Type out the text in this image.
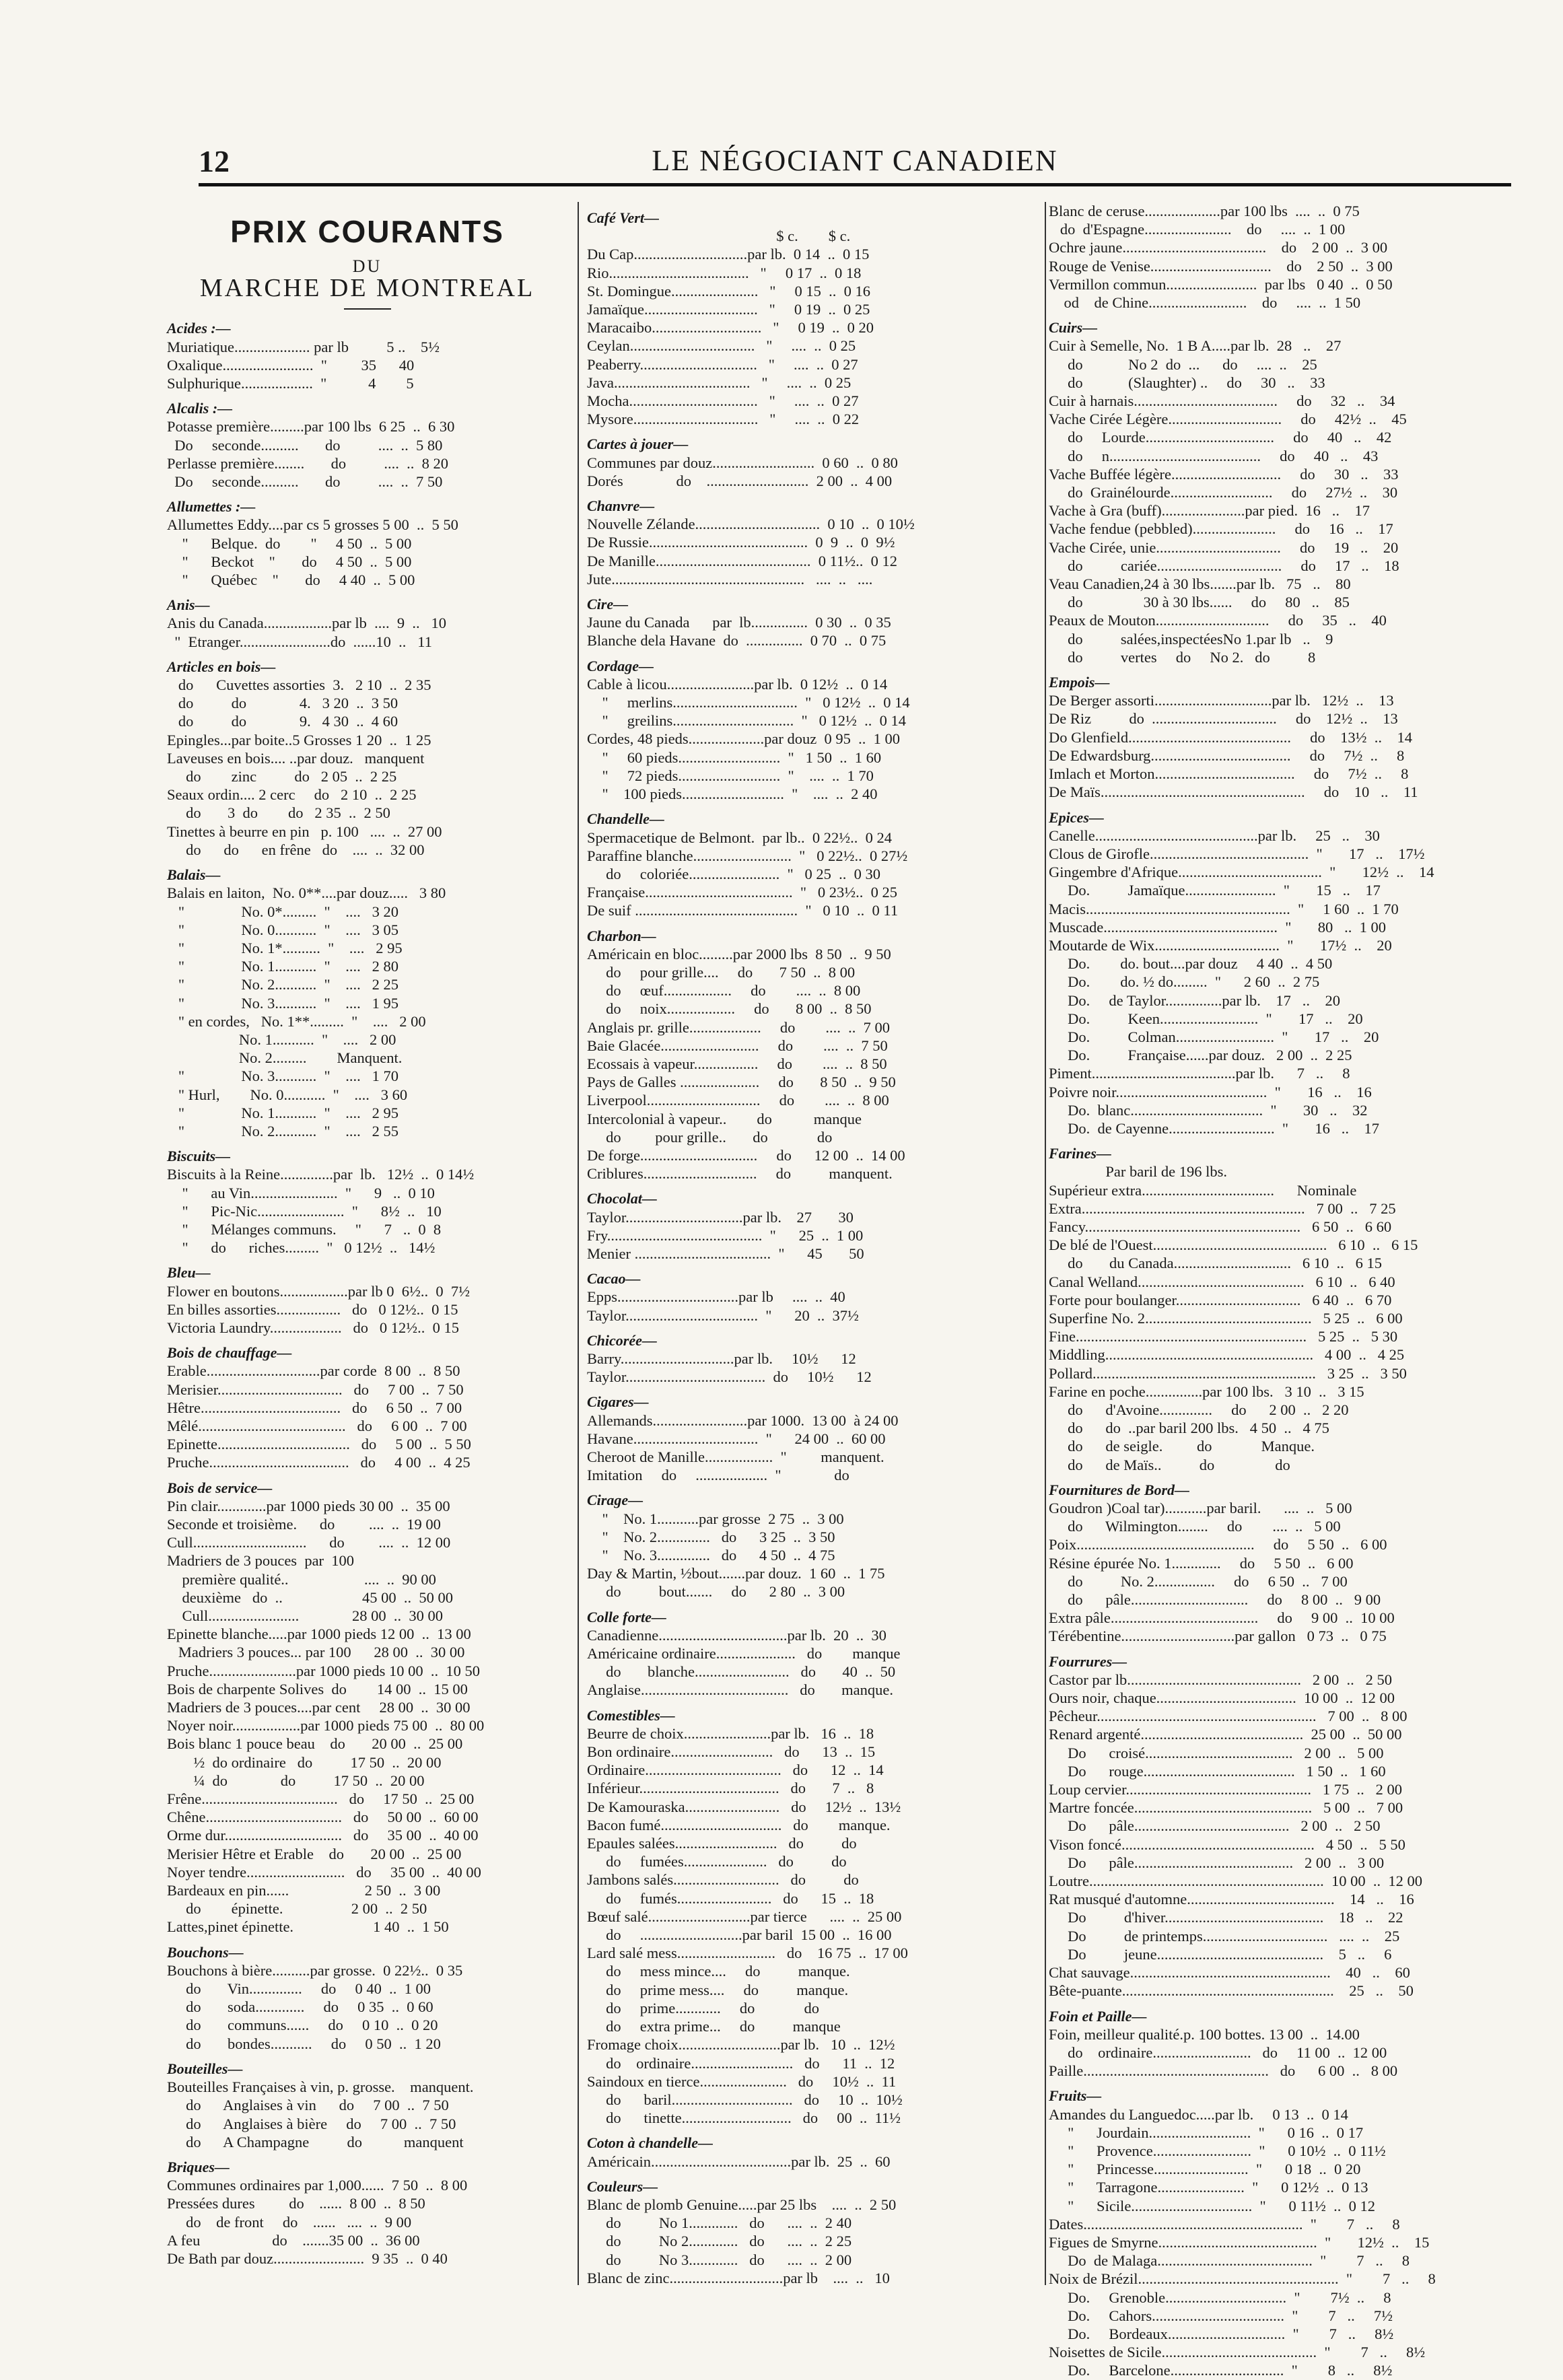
12	LE NÉGOCIANT CANADIEN
PRIX COURANTS
DU
MARCHE DE MONTREAL
Acides :—
Muriatique.................... par lb          5 ..    5½
Oxalique........................  "         35      40
Sulphurique...................  "           4        5
Alcalis :—
Potasse première.........par 100 lbs  6 25  ..  6 30
Do     seconde..........       do          ....  ..  5 80
Perlasse première........       do          ....  ..  8 20
Do     seconde..........       do          ....  ..  7 50
Allumettes :—
Allumettes Eddy....par cs 5 grosses 5 00  ..  5 50
"      Belque.  do        "     4 50  ..  5 00
"      Beckot    "       do     4 50  ..  5 00
"      Québec    "       do     4 40  ..  5 00
Anis—
Anis du Canada..................par lb  ....  9  ..   10
"  Etranger........................do  ......10  ..   11
Articles en bois—
do      Cuvettes assorties  3.   2 10  ..  2 35
do          do              4.   3 20  ..  3 50
do          do              9.   4 30  ..  4 60
Epingles...par boite..5 Grosses 1 20  ..  1 25
Laveuses en bois.... ..par douz.   manquent
do        zinc          do   2 05  ..  2 25
Seaux ordin.... 2 cerc     do   2 10  ..  2 25
do       3  do        do   2 35  ..  2 50
Tinettes à beurre en pin   p. 100   ....  ..  27 00
do      do      en frêne   do    ....  ..  32 00
Balais—
Balais en laiton,  No. 0**....par douz.....   3 80
"               No. 0*.........  "    ....   3 20
"               No. 0...........  "    ....   3 05
"               No. 1*..........  "    ....   2 95
"               No. 1...........  "    ....   2 80
"               No. 2...........  "    ....   2 25
"               No. 3...........  "    ....   1 95
" en cordes,   No. 1**.........  "    ....   2 00
No. 1...........  "    ....   2 00
No. 2.........        Manquent.
"               No. 3...........  "    ....   1 70
" Hurl,        No. 0...........  "    ....   3 60
"               No. 1...........  "    ....   2 95
"               No. 2...........  "    ....   2 55
Biscuits—
Biscuits à la Reine..............par  lb.   12½  ..  0 14½
"      au Vin.......................  "      9   ..  0 10
"      Pic-Nic.......................  "      8½  ..   10
"      Mélanges communs.     "      7   ..  0  8
"      do      riches.........  "   0 12½  ..   14½
Bleu—
Flower en boutons..................par lb 0  6½..  0  7½
En billes assorties.................   do   0 12½..  0 15
Victoria Laundry...................   do   0 12½..  0 15
Bois de chauffage—
Erable..............................par corde  8 00  ..  8 50
Merisier.................................   do     7 00  ..  7 50
Hêtre.....................................   do     6 50  ..  7 00
Mêlé.......................................   do     6 00  ..  7 00
Epinette...................................   do     5 00  ..  5 50
Pruche.....................................   do     4 00  ..  4 25
Bois de service—
Pin clair.............par 1000 pieds 30 00  ..  35 00
Seconde et troisième.      do         ....  ..  19 00
Cull..............................      do         ....  ..  12 00
Madriers de 3 pouces  par  100
première qualité..                    ....  ..  90 00
deuxième   do  ..                     45 00  ..  50 00
Cull........................              28 00  ..  30 00
Epinette blanche.....par 1000 pieds 12 00  ..  13 00
Madriers 3 pouces... par 100      28 00  ..  30 00
Pruche.......................par 1000 pieds 10 00  ..  10 50
Bois de charpente Solives  do        14 00  ..  15 00
Madriers de 3 pouces....par cent     28 00  ..  30 00
Noyer noir..................par 1000 pieds 75 00  ..  80 00
Bois blanc 1 pouce beau    do       20 00  ..  25 00
½  do ordinaire   do          17 50  ..  20 00
¼  do              do          17 50  ..  20 00
Frêne....................................   do     17 50  ..  25 00
Chêne....................................   do     50 00  ..  60 00
Orme dur...............................   do     35 00  ..  40 00
Merisier Hêtre et Erable    do       20 00  ..  25 00
Noyer tendre..........................   do     35 00  ..  40 00
Bardeaux en pin......                    2 50  ..  3 00
do        épinette.                  2 00  ..  2 50
Lattes,pinet épinette.                     1 40  ..  1 50
Bouchons—
Bouchons à bière..........par grosse.  0 22½..  0 35
do       Vin..............     do     0 40  ..  1 00
do       soda.............     do     0 35  ..  0 60
do       communs......     do     0 10  ..  0 20
do       bondes...........     do     0 50  ..  1 20
Bouteilles—
Bouteilles Françaises à vin, p. grosse.    manquent.
do      Anglaises à vin      do     7 00  ..  7 50
do      Anglaises à bière     do     7 00  ..  7 50
do      A Champagne          do           manquent
Briques—
Communes ordinaires par 1,000......  7 50  ..  8 00
Pressées dures         do    ......  8 00  ..  8 50
do    de front     do    ......   ....  ..  9 00
A feu                   do    .......35 00  ..  36 00
De Bath par douz........................  9 35  ..  0 40
Café Vert—
$ c.        $ c.
Du Cap..............................par lb.  0 14  ..  0 15
Rio.....................................   "     0 17  ..  0 18
St. Domingue.......................   "     0 15  ..  0 16
Jamaïque..............................   "     0 19  ..  0 25
Maracaibo.............................   "     0 19  ..  0 20
Ceylan.................................   "     ....  ..  0 25
Peaberry...............................   "     ....  ..  0 27
Java....................................   "     ....  ..  0 25
Mocha..................................   "     ....  ..  0 27
Mysore.................................   "     ....  ..  0 22
Cartes à jouer—
Communes par douz...........................  0 60  ..  0 80
Dorés              do    ...........................  2 00  ..  4 00
Chanvre—
Nouvelle Zélande.................................  0 10  ..  0 10½
De Russie..........................................  0  9  ..  0  9½
De Manille.........................................  0 11½..  0 12
Jute...................................................   ....  ..   ....
Cire—
Jaune du Canada      par  lb...............  0 30  ..  0 35
Blanche dela Havane  do  ...............  0 70  ..  0 75
Cordage—
Cable à licou.......................par lb.  0 12½  ..  0 14
"     merlins.................................  "   0 12½  ..  0 14
"     greilins................................  "   0 12½  ..  0 14
Cordes, 48 pieds....................par douz  0 95  ..  1 00
"     60 pieds...........................  "   1 50  ..  1 60
"     72 pieds...........................  "    ....  ..  1 70
"    100 pieds...........................  "    ....  ..  2 40
Chandelle—
Spermacetique de Belmont.  par lb..  0 22½..  0 24
Paraffine blanche..........................  "   0 22½..  0 27½
do     coloriée........................  "   0 25  ..  0 30
Française.......................................  "   0 23½..  0 25
De suif ...........................................  "   0 10  ..  0 11
Charbon—
Américain en bloc.........par 2000 lbs  8 50  ..  9 50
do     pour grille....     do       7 50  ..  8 00
do     œuf..................     do        ....  ..  8 00
do     noix..................     do       8 00  ..  8 50
Anglais pr. grille...................     do        ....  ..  7 00
Baie Glacée..........................     do        ....  ..  7 50
Ecossais à vapeur.................     do        ....  ..  8 50
Pays de Galles .....................     do       8 50  ..  9 50
Liverpool..............................     do        ....  ..  8 00
Intercolonial à vapeur..        do           manque
do         pour grille..       do             do
De forge...............................     do      12 00  ..  14 00
Criblures..............................     do          manquent.
Chocolat—
Taylor...............................par lb.    27       30
Fry.........................................  "      25  ..  1 00
Menier ....................................  "      45       50
Cacao—
Epps................................par lb     ....  ..  40
Taylor...................................  "      20  ..  37½
Chicorée—
Barry..............................par lb.     10½      12
Taylor.....................................  do     10½      12
Cigares—
Allemands.........................par 1000.  13 00  à 24 00
Havane.................................  "      24 00  ..  60 00
Cheroot de Manille..................  "         manquent.
Imitation     do     ...................  "              do
Cirage—
"    No. 1...........par grosse  2 75  ..  3 00
"    No. 2..............   do      3 25  ..  3 50
"    No. 3..............   do      4 50  ..  4 75
Day & Martin, ½bout.......par douz.  1 60  ..  1 75
do          bout.......     do      2 80  ..  3 00
Colle forte—
Canadienne..................................par lb.  20  ..  30
Américaine ordinaire.....................   do        manque
do       blanche.........................   do       40  ..  50
Anglaise.......................................   do       manque.
Comestibles—
Beurre de choix.......................par lb.   16  ..  18
Bon ordinaire...........................   do      13  ..  15
Ordinaire....................................   do      12  ..  14
Inférieur.....................................   do       7  ..   8
De Kamouraska.........................   do     12½  ..  13½
Bacon fumé................................   do        manque.
Epaules salées...........................   do          do
do     fumées......................   do          do
Jambons salés............................   do          do
do     fumés.........................   do      15  ..  18
Bœuf salé...........................par tierce      ....  ..  25 00
do     ...........................par baril  15 00  ..  16 00
Lard salé mess..........................   do    16 75  ..  17 00
do     mess mince....     do          manque.
do     prime mess....     do          manque.
do     prime............     do             do
do     extra prime...     do          manque
Fromage choix...........................par lb.   10  ..  12½
do    ordinaire...........................   do      11  ..  12
Saindoux en tierce.......................   do     10½  ..  11
do      baril................................   do     10  ..  10½
do      tinette.............................   do     00  ..  11½
Coton à chandelle—
Américain.....................................par lb.  25  ..  60
Couleurs—
Blanc de plomb Genuine.....par 25 lbs    ....  ..  2 50
do          No 1.............   do      ....  ..  2 40
do          No 2.............   do      ....  ..  2 25
do          No 3.............   do      ....  ..  2 00
Blanc de zinc..............................par lb    ....  ..   10
Blanc de ceruse....................par 100 lbs  ....  ..  0 75
do  d'Espagne.......................    do     ....  ..  1 00
Ochre jaune......................................    do    2 00  ..  3 00
Rouge de Venise................................    do    2 50  ..  3 00
Vermillon commun........................  par lbs   0 40  ..  0 50
od    de Chine..........................    do     ....  ..  1 50
Cuirs—
Cuir à Semelle, No.  1 B A.....par lb.  28   ..    27
do            No 2  do  ...      do     ....  ..    25
do            (Slaughter) ..     do     30   ..    33
Cuir à harnais......................................     do     32   ..    34
Vache Cirée Légère..............................     do     42½  ..    45
do     Lourde..................................     do     40   ..    42
do     n........................................     do     40   ..    43
Vache Buffée légère.............................     do     30   ..    33
do  Grainélourde...........................     do     27½  ..    30
Vache à Gra (buff)......................par pied.  16   ..    17
Vache fendue (pebbled)......................     do     16   ..    17
Vache Cirée, unie.................................     do     19   ..    20
do          cariée.................................     do     17   ..    18
Veau Canadien,24 à 30 lbs.......par lb.   75   ..    80
do                30 à 30 lbs......     do     80   ..    85
Peaux de Mouton..............................     do     35   ..    40
do          salées,inspectéesNo 1.par lb   ..    9
do          vertes     do     No 2.   do          8
Empois—
De Berger assorti...............................par lb.   12½  ..    13
De Riz          do  .................................     do    12½  ..    13
Do Glenfield...........................................     do    13½  ..    14
De Edwardsburg.....................................     do     7½  ..     8
Imlach et Morton.....................................     do     7½  ..     8
De Maïs......................................................     do    10   ..    11
Epices—
Canelle...........................................par lb.     25   ..    30
Clous de Girofle..........................................  "       17   ..    17½
Gingembre d'Afrique......................................  "       12½  ..    14
Do.          Jamaïque........................  "       15   ..    17
Macis......................................................  "     1 60  ..  1 70
Muscade..............................................  "       80   ..  1 00
Moutarde de Wix.................................  "       17½  ..    20
Do.        do. bout....par douz     4 40  ..  4 50
Do.        do. ½ do.........  "      2 60  ..  2 75
Do.     de Taylor...............par lb.    17   ..    20
Do.          Keen..........................  "       17   ..    20
Do.          Colman..........................  "       17   ..    20
Do.          Française......par douz.   2 00  ..  2 25
Piment......................................par lb.      7   ..     8
Poivre noir........................................  "       16   ..    16
Do.  blanc...................................  "       30   ..    32
Do.  de Cayenne............................  "       16   ..    17
Farines—
Par baril de 196 lbs.
Supérieur extra...................................      Nominale
Extra...........................................................   7 00  ..   7 25
Fancy.........................................................   6 50  ..   6 60
De blé de l'Ouest..............................................   6 10  ..   6 15
do       du Canada...............................   6 10  ..   6 15
Canal Welland............................................   6 10  ..   6 40
Forte pour boulanger.................................   6 40  ..   6 70
Superfine No. 2............................................   5 25  ..   6 00
Fine.............................................................   5 25  ..   5 30
Middling.......................................................   4 00  ..   4 25
Pollard...........................................................   3 25  ..   3 50
Farine en poche...............par 100 lbs.   3 10  ..   3 15
do      d'Avoine..............     do      2 00  ..   2 20
do      do  ..par baril 200 lbs.   4 50  ..   4 75
do      de seigle.         do             Manque.
do      de Maïs..          do                do
Fournitures de Bord—
Goudron )Coal tar)...........par baril.      ....  ..   5 00
do      Wilmington........     do        ....  ..   5 00
Poix...............................................     do     5 50  ..   6 00
Résine épurée No. 1.............     do     5 50  ..   6 00
do          No. 2................     do     6 50  ..   7 00
do      pâle...............................     do     8 00  ..   9 00
Extra pâle.......................................     do     9 00  ..  10 00
Térébentine..............................par gallon   0 73  ..   0 75
Fourrures—
Castor par lb..............................................   2 00  ..   2 50
Ours noir, chaque.....................................  10 00  ..  12 00
Pêcheur..........................................................   7 00  ..   8 00
Renard argenté...........................................  25 00  ..  50 00
Do      croisé.......................................   2 00  ..   5 00
Do      rouge........................................   1 50  ..   1 60
Loup cervier.................................................   1 75  ..   2 00
Martre foncée...............................................   5 00  ..   7 00
Do      pâle.........................................   2 00  ..   2 50
Vison foncé...................................................   4 50  ..   5 50
Do      pâle..........................................   2 00  ..   3 00
Loutre..............................................................  10 00  ..  12 00
Rat musqué d'automne.......................................    14   ..    16
Do          d'hiver..........................................    18   ..    22
Do          de printemps.................................   ....  ..    25
Do          jeune............................................    5   ..     6
Chat sauvage.....................................................    40   ..    60
Bête-puante........................................................    25   ..    50
Foin et Paille—
Foin, meilleur qualité.p. 100 bottes. 13 00  ..  14.00
do    ordinaire..........................   do     11 00  ..  12 00
Paille.................................................   do      6 00  ..   8 00
Fruits—
Amandes du Languedoc.....par lb.     0 13  ..  0 14
"      Jourdain...........................  "      0 16  ..  0 17
"      Provence..........................  "      0 10½  ..  0 11½
"      Princesse.........................  "      0 18  ..  0 20
"      Tarragone.......................  "      0 12½  ..  0 13
"      Sicile................................  "      0 11½  ..  0 12
Dates..........................................................  "        7   ..     8
Figues de Smyrne..........................................  "       12½  ..    15
Do  de Malaga.........................................  "        7   ..     8
Noix de Brézil.....................................................  "        7   ..     8
Do.     Grenoble................................  "        7½  ..     8
Do.     Cahors...................................  "        7   ..     7½
Do.     Bordeaux...............................  "        7   ..     8½
Noisettes de Sicile.........................................  "        7   ..     8½
Do.     Barcelone..............................  "        8   ..     8½
